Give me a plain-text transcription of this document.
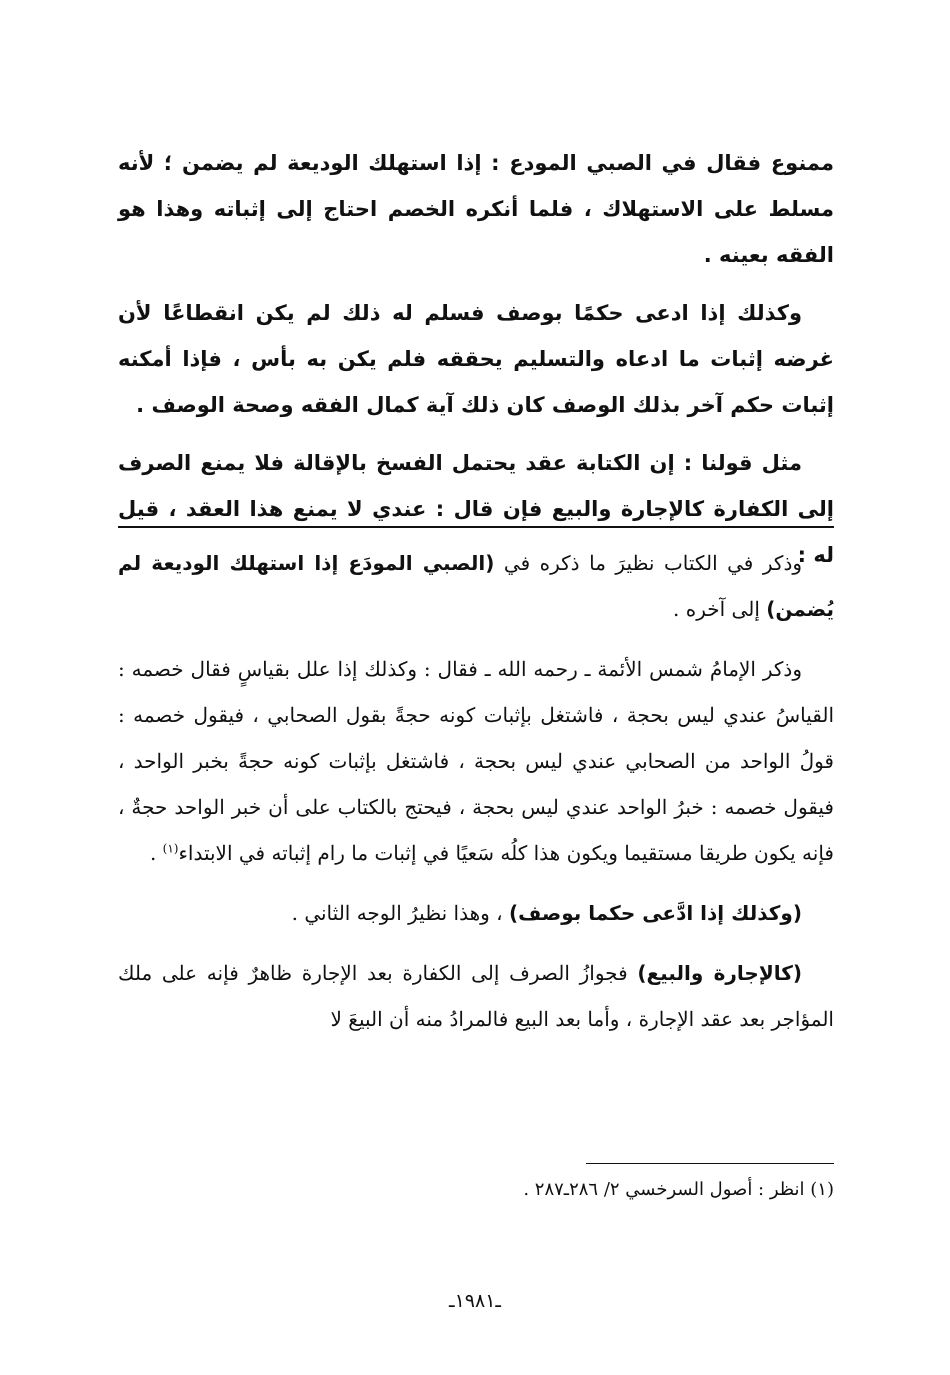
ممنوع فقال في الصبي المودع : إذا استهلك الوديعة لم يضمن ؛ لأنه مسلط على الاستهلاك ، فلما أنكره الخصم احتاج إلى إثباته وهذا هو الفقه بعينه .

وكذلك إذا ادعى حكمًا بوصف فسلم له ذلك لم يكن انقطاعًا لأن غرضه إثبات ما ادعاه والتسليم يحققه فلم يكن به بأس ، فإذا أمكنه إثبات حكم آخر بذلك الوصف كان ذلك آية كمال الفقه وصحة الوصف .

مثل قولنا : إن الكتابة عقد يحتمل الفسخ بالإقالة فلا يمنع الصرف إلى الكفارة كالإجارة والبيع فإن قال : عندي لا يمنع هذا العقد ، قيل له :

وذكر في الكتاب نظيرَ ما ذكره في (الصبي المودَع إذا استهلك الوديعة لم يُضمن) إلى آخره .

وذكر الإمامُ شمس الأئمة ـ رحمه الله ـ فقال : وكذلك إذا علل بقياسٍ فقال خصمه : القياسُ عندي ليس بحجة ، فاشتغل بإثبات كونه حجةً بقول الصحابي ، فيقول خصمه : قولُ الواحد من الصحابي عندي ليس بحجة ، فاشتغل بإثبات كونه حجةً بخبر الواحد ، فيقول خصمه : خبرُ الواحد عندي ليس بحجة ، فيحتج بالكتاب على أن خبر الواحد حجةٌ ، فإنه يكون طريقا مستقيما ويكون هذا كلُه سَعيًا في إثبات ما رام إثباته في الابتداء$^{(١)}$ .

(وكذلك إذا ادَّعى حكما بوصف) ، وهذا نظيرُ الوجه الثاني .

(كالإجارة والبيع) فجوازُ الصرف إلى الكفارة بعد الإجارة ظاهرٌ فإنه على ملك المؤاجر بعد عقد الإجارة ، وأما بعد البيع فالمرادُ منه أن البيعَ لا

(١) انظر : أصول السرخسي ٢/ ٢٨٦ـ٢٨٧ .
ـ١٩٨١ـ
